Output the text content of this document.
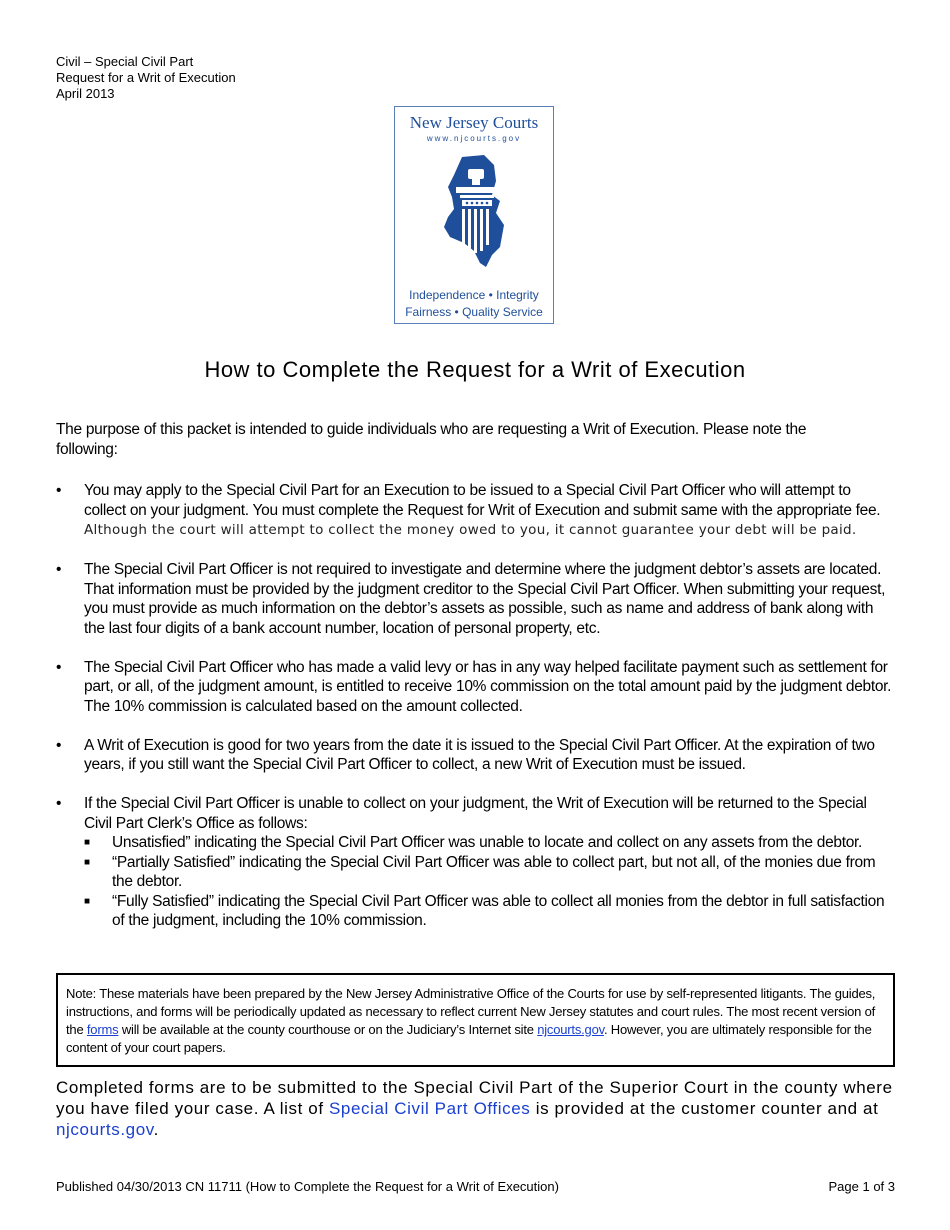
Civil – Special Civil Part
Request for a Writ of Execution
April 2013
New Jersey Courts
www.njcourts.gov
Independence • Integrity
Fairness • Quality Service
How to Complete the Request for a Writ of Execution
The purpose of this packet is intended to guide individuals who are requesting a Writ of Execution. Please note the following:
• You may apply to the Special Civil Part for an Execution to be issued to a Special Civil Part Officer who will attempt to collect on your judgment. You must complete the Request for Writ of Execution and submit same with the appropriate fee. Although the court will attempt to collect the money owed to you, it cannot guarantee your debt will be paid.
• The Special Civil Part Officer is not required to investigate and determine where the judgment debtor’s assets are located. That information must be provided by the judgment creditor to the Special Civil Part Officer. When submitting your request, you must provide as much information on the debtor’s assets as possible, such as name and address of bank along with the last four digits of a bank account number, location of personal property, etc.
• The Special Civil Part Officer who has made a valid levy or has in any way helped facilitate payment such as settlement for part, or all, of the judgment amount, is entitled to receive 10% commission on the total amount paid by the judgment debtor. The 10% commission is calculated based on the amount collected.
• A Writ of Execution is good for two years from the date it is issued to the Special Civil Part Officer. At the expiration of two years, if you still want the Special Civil Part Officer to collect, a new Writ of Execution must be issued.
• If the Special Civil Part Officer is unable to collect on your judgment, the Writ of Execution will be returned to the Special Civil Part Clerk’s Office as follows:
■ Unsatisfied” indicating the Special Civil Part Officer was unable to locate and collect on any assets from the debtor.
■ “Partially Satisfied” indicating the Special Civil Part Officer was able to collect part, but not all, of the monies due from the debtor.
■ “Fully Satisfied” indicating the Special Civil Part Officer was able to collect all monies from the debtor in full satisfaction of the judgment, including the 10% commission.
Note: These materials have been prepared by the New Jersey Administrative Office of the Courts for use by self-represented litigants. The guides, instructions, and forms will be periodically updated as necessary to reflect current New Jersey statutes and court rules. The most recent version of the forms will be available at the county courthouse or on the Judiciary’s Internet site njcourts.gov. However, you are ultimately responsible for the content of your court papers.
Completed forms are to be submitted to the Special Civil Part of the Superior Court in the county where you have filed your case. A list of Special Civil Part Offices is provided at the customer counter and at njcourts.gov.
Published 04/30/2013 CN 11711 (How to Complete the Request for a Writ of Execution)	Page 1 of 3
